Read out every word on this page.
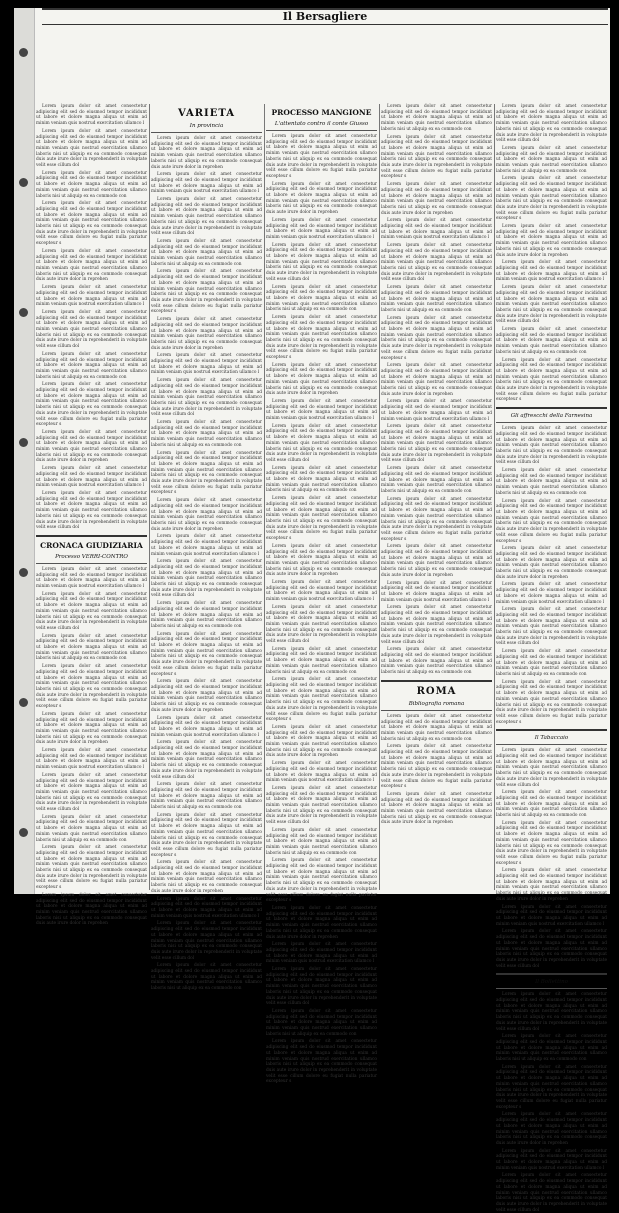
Il Bersagliere

Lorem ipsum dolor sit amet consectetur adipiscing elit sed do eiusmod tempor incididunt ut labore et dolore magna aliqua ut enim ad minim veniam quis nostrud exercitation ullamco l

Lorem ipsum dolor sit amet consectetur adipiscing elit sed do eiusmod tempor incididunt ut labore et dolore magna aliqua ut enim ad minim veniam quis nostrud exercitation ullamco laboris nisi ut aliquip ex ea commodo consequat duis aute irure dolor in reprehenderit in voluptate velit esse cillum dol

Lorem ipsum dolor sit amet consectetur adipiscing elit sed do eiusmod tempor incididunt ut labore et dolore magna aliqua ut enim ad minim veniam quis nostrud exercitation ullamco laboris nisi ut aliquip ex ea commodo con

Lorem ipsum dolor sit amet consectetur adipiscing elit sed do eiusmod tempor incididunt ut labore et dolore magna aliqua ut enim ad minim veniam quis nostrud exercitation ullamco laboris nisi ut aliquip ex ea commodo consequat duis aute irure dolor in reprehenderit in voluptate velit esse cillum dolore eu fugiat nulla pariatur excepteur s

Lorem ipsum dolor sit amet consectetur adipiscing elit sed do eiusmod tempor incididunt ut labore et dolore magna aliqua ut enim ad minim veniam quis nostrud exercitation ullamco laboris nisi ut aliquip ex ea commodo consequat duis aute irure dolor in reprehen

Lorem ipsum dolor sit amet consectetur adipiscing elit sed do eiusmod tempor incididunt ut labore et dolore magna aliqua ut enim ad minim veniam quis nostrud exercitation ullamco l

Lorem ipsum dolor sit amet consectetur adipiscing elit sed do eiusmod tempor incididunt ut labore et dolore magna aliqua ut enim ad minim veniam quis nostrud exercitation ullamco laboris nisi ut aliquip ex ea commodo consequat duis aute irure dolor in reprehenderit in voluptate velit esse cillum dol

Lorem ipsum dolor sit amet consectetur adipiscing elit sed do eiusmod tempor incididunt ut labore et dolore magna aliqua ut enim ad minim veniam quis nostrud exercitation ullamco laboris nisi ut aliquip ex ea commodo con

Lorem ipsum dolor sit amet consectetur adipiscing elit sed do eiusmod tempor incididunt ut labore et dolore magna aliqua ut enim ad minim veniam quis nostrud exercitation ullamco laboris nisi ut aliquip ex ea commodo consequat duis aute irure dolor in reprehenderit in voluptate velit esse cillum dolore eu fugiat nulla pariatur excepteur s

Lorem ipsum dolor sit amet consectetur adipiscing elit sed do eiusmod tempor incididunt ut labore et dolore magna aliqua ut enim ad minim veniam quis nostrud exercitation ullamco laboris nisi ut aliquip ex ea commodo consequat duis aute irure dolor in reprehen

Lorem ipsum dolor sit amet consectetur adipiscing elit sed do eiusmod tempor incididunt ut labore et dolore magna aliqua ut enim ad minim veniam quis nostrud exercitation ullamco l

Lorem ipsum dolor sit amet consectetur adipiscing elit sed do eiusmod tempor incididunt ut labore et dolore magna aliqua ut enim ad minim veniam quis nostrud exercitation ullamco laboris nisi ut aliquip ex ea commodo consequat duis aute irure dolor in reprehenderit in voluptate velit esse cillum dol

CRONACA GIUDIZIARIA
Processo VERRI-CONTRO

Lorem ipsum dolor sit amet consectetur adipiscing elit sed do eiusmod tempor incididunt ut labore et dolore magna aliqua ut enim ad minim veniam quis nostrud exercitation ullamco l

Lorem ipsum dolor sit amet consectetur adipiscing elit sed do eiusmod tempor incididunt ut labore et dolore magna aliqua ut enim ad minim veniam quis nostrud exercitation ullamco laboris nisi ut aliquip ex ea commodo consequat duis aute irure dolor in reprehenderit in voluptate velit esse cillum dol

Lorem ipsum dolor sit amet consectetur adipiscing elit sed do eiusmod tempor incididunt ut labore et dolore magna aliqua ut enim ad minim veniam quis nostrud exercitation ullamco laboris nisi ut aliquip ex ea commodo con

Lorem ipsum dolor sit amet consectetur adipiscing elit sed do eiusmod tempor incididunt ut labore et dolore magna aliqua ut enim ad minim veniam quis nostrud exercitation ullamco laboris nisi ut aliquip ex ea commodo consequat duis aute irure dolor in reprehenderit in voluptate velit esse cillum dolore eu fugiat nulla pariatur excepteur s

Lorem ipsum dolor sit amet consectetur adipiscing elit sed do eiusmod tempor incididunt ut labore et dolore magna aliqua ut enim ad minim veniam quis nostrud exercitation ullamco laboris nisi ut aliquip ex ea commodo consequat duis aute irure dolor in reprehen

Lorem ipsum dolor sit amet consectetur adipiscing elit sed do eiusmod tempor incididunt ut labore et dolore magna aliqua ut enim ad minim veniam quis nostrud exercitation ullamco l

Lorem ipsum dolor sit amet consectetur adipiscing elit sed do eiusmod tempor incididunt ut labore et dolore magna aliqua ut enim ad minim veniam quis nostrud exercitation ullamco laboris nisi ut aliquip ex ea commodo consequat duis aute irure dolor in reprehenderit in voluptate velit esse cillum dol

Lorem ipsum dolor sit amet consectetur adipiscing elit sed do eiusmod tempor incididunt ut labore et dolore magna aliqua ut enim ad minim veniam quis nostrud exercitation ullamco laboris nisi ut aliquip ex ea commodo con

Lorem ipsum dolor sit amet consectetur adipiscing elit sed do eiusmod tempor incididunt ut labore et dolore magna aliqua ut enim ad minim veniam quis nostrud exercitation ullamco laboris nisi ut aliquip ex ea commodo consequat duis aute irure dolor in reprehenderit in voluptate velit esse cillum dolore eu fugiat nulla pariatur excepteur s

Lorem ipsum dolor sit amet consectetur adipiscing elit sed do eiusmod tempor incididunt ut labore et dolore magna aliqua ut enim ad minim veniam quis nostrud exercitation ullamco laboris nisi ut aliquip ex ea commodo consequat duis aute irure dolor in reprehen

VARIETA
In provincia

Lorem ipsum dolor sit amet consectetur adipiscing elit sed do eiusmod tempor incididunt ut labore et dolore magna aliqua ut enim ad minim veniam quis nostrud exercitation ullamco laboris nisi ut aliquip ex ea commodo consequat duis aute irure dolor in reprehen

Lorem ipsum dolor sit amet consectetur adipiscing elit sed do eiusmod tempor incididunt ut labore et dolore magna aliqua ut enim ad minim veniam quis nostrud exercitation ullamco l

Lorem ipsum dolor sit amet consectetur adipiscing elit sed do eiusmod tempor incididunt ut labore et dolore magna aliqua ut enim ad minim veniam quis nostrud exercitation ullamco laboris nisi ut aliquip ex ea commodo consequat duis aute irure dolor in reprehenderit in voluptate velit esse cillum dol

Lorem ipsum dolor sit amet consectetur adipiscing elit sed do eiusmod tempor incididunt ut labore et dolore magna aliqua ut enim ad minim veniam quis nostrud exercitation ullamco laboris nisi ut aliquip ex ea commodo con

Lorem ipsum dolor sit amet consectetur adipiscing elit sed do eiusmod tempor incididunt ut labore et dolore magna aliqua ut enim ad minim veniam quis nostrud exercitation ullamco laboris nisi ut aliquip ex ea commodo consequat duis aute irure dolor in reprehenderit in voluptate velit esse cillum dolore eu fugiat nulla pariatur excepteur s

Lorem ipsum dolor sit amet consectetur adipiscing elit sed do eiusmod tempor incididunt ut labore et dolore magna aliqua ut enim ad minim veniam quis nostrud exercitation ullamco laboris nisi ut aliquip ex ea commodo consequat duis aute irure dolor in reprehen

Lorem ipsum dolor sit amet consectetur adipiscing elit sed do eiusmod tempor incididunt ut labore et dolore magna aliqua ut enim ad minim veniam quis nostrud exercitation ullamco l

Lorem ipsum dolor sit amet consectetur adipiscing elit sed do eiusmod tempor incididunt ut labore et dolore magna aliqua ut enim ad minim veniam quis nostrud exercitation ullamco laboris nisi ut aliquip ex ea commodo consequat duis aute irure dolor in reprehenderit in voluptate velit esse cillum dol

Lorem ipsum dolor sit amet consectetur adipiscing elit sed do eiusmod tempor incididunt ut labore et dolore magna aliqua ut enim ad minim veniam quis nostrud exercitation ullamco laboris nisi ut aliquip ex ea commodo con

Lorem ipsum dolor sit amet consectetur adipiscing elit sed do eiusmod tempor incididunt ut labore et dolore magna aliqua ut enim ad minim veniam quis nostrud exercitation ullamco laboris nisi ut aliquip ex ea commodo consequat duis aute irure dolor in reprehenderit in voluptate velit esse cillum dolore eu fugiat nulla pariatur excepteur s

Lorem ipsum dolor sit amet consectetur adipiscing elit sed do eiusmod tempor incididunt ut labore et dolore magna aliqua ut enim ad minim veniam quis nostrud exercitation ullamco laboris nisi ut aliquip ex ea commodo consequat duis aute irure dolor in reprehen

Lorem ipsum dolor sit amet consectetur adipiscing elit sed do eiusmod tempor incididunt ut labore et dolore magna aliqua ut enim ad minim veniam quis nostrud exercitation ullamco l

Lorem ipsum dolor sit amet consectetur adipiscing elit sed do eiusmod tempor incididunt ut labore et dolore magna aliqua ut enim ad minim veniam quis nostrud exercitation ullamco laboris nisi ut aliquip ex ea commodo consequat duis aute irure dolor in reprehenderit in voluptate velit esse cillum dol

Lorem ipsum dolor sit amet consectetur adipiscing elit sed do eiusmod tempor incididunt ut labore et dolore magna aliqua ut enim ad minim veniam quis nostrud exercitation ullamco laboris nisi ut aliquip ex ea commodo con

Lorem ipsum dolor sit amet consectetur adipiscing elit sed do eiusmod tempor incididunt ut labore et dolore magna aliqua ut enim ad minim veniam quis nostrud exercitation ullamco laboris nisi ut aliquip ex ea commodo consequat duis aute irure dolor in reprehenderit in voluptate velit esse cillum dolore eu fugiat nulla pariatur excepteur s

Lorem ipsum dolor sit amet consectetur adipiscing elit sed do eiusmod tempor incididunt ut labore et dolore magna aliqua ut enim ad minim veniam quis nostrud exercitation ullamco laboris nisi ut aliquip ex ea commodo consequat duis aute irure dolor in reprehen

Lorem ipsum dolor sit amet consectetur adipiscing elit sed do eiusmod tempor incididunt ut labore et dolore magna aliqua ut enim ad minim veniam quis nostrud exercitation ullamco l

Lorem ipsum dolor sit amet consectetur adipiscing elit sed do eiusmod tempor incididunt ut labore et dolore magna aliqua ut enim ad minim veniam quis nostrud exercitation ullamco laboris nisi ut aliquip ex ea commodo consequat duis aute irure dolor in reprehenderit in voluptate velit esse cillum dol

Lorem ipsum dolor sit amet consectetur adipiscing elit sed do eiusmod tempor incididunt ut labore et dolore magna aliqua ut enim ad minim veniam quis nostrud exercitation ullamco laboris nisi ut aliquip ex ea commodo con

Lorem ipsum dolor sit amet consectetur adipiscing elit sed do eiusmod tempor incididunt ut labore et dolore magna aliqua ut enim ad minim veniam quis nostrud exercitation ullamco laboris nisi ut aliquip ex ea commodo consequat duis aute irure dolor in reprehenderit in voluptate velit esse cillum dolore eu fugiat nulla pariatur excepteur s

Lorem ipsum dolor sit amet consectetur adipiscing elit sed do eiusmod tempor incididunt ut labore et dolore magna aliqua ut enim ad minim veniam quis nostrud exercitation ullamco laboris nisi ut aliquip ex ea commodo consequat duis aute irure dolor in reprehen

Lorem ipsum dolor sit amet consectetur adipiscing elit sed do eiusmod tempor incididunt ut labore et dolore magna aliqua ut enim ad minim veniam quis nostrud exercitation ullamco l

Lorem ipsum dolor sit amet consectetur adipiscing elit sed do eiusmod tempor incididunt ut labore et dolore magna aliqua ut enim ad minim veniam quis nostrud exercitation ullamco laboris nisi ut aliquip ex ea commodo consequat duis aute irure dolor in reprehenderit in voluptate velit esse cillum dol

Lorem ipsum dolor sit amet consectetur adipiscing elit sed do eiusmod tempor incididunt ut labore et dolore magna aliqua ut enim ad minim veniam quis nostrud exercitation ullamco laboris nisi ut aliquip ex ea commodo con

PROCESSO MANGIONE
L'attentato contro il conte Giusso

Lorem ipsum dolor sit amet consectetur adipiscing elit sed do eiusmod tempor incididunt ut labore et dolore magna aliqua ut enim ad minim veniam quis nostrud exercitation ullamco laboris nisi ut aliquip ex ea commodo consequat duis aute irure dolor in reprehenderit in voluptate velit esse cillum dolore eu fugiat nulla pariatur excepteur s

Lorem ipsum dolor sit amet consectetur adipiscing elit sed do eiusmod tempor incididunt ut labore et dolore magna aliqua ut enim ad minim veniam quis nostrud exercitation ullamco laboris nisi ut aliquip ex ea commodo consequat duis aute irure dolor in reprehen

Lorem ipsum dolor sit amet consectetur adipiscing elit sed do eiusmod tempor incididunt ut labore et dolore magna aliqua ut enim ad minim veniam quis nostrud exercitation ullamco l

Lorem ipsum dolor sit amet consectetur adipiscing elit sed do eiusmod tempor incididunt ut labore et dolore magna aliqua ut enim ad minim veniam quis nostrud exercitation ullamco laboris nisi ut aliquip ex ea commodo consequat duis aute irure dolor in reprehenderit in voluptate velit esse cillum dol

Lorem ipsum dolor sit amet consectetur adipiscing elit sed do eiusmod tempor incididunt ut labore et dolore magna aliqua ut enim ad minim veniam quis nostrud exercitation ullamco laboris nisi ut aliquip ex ea commodo con

Lorem ipsum dolor sit amet consectetur adipiscing elit sed do eiusmod tempor incididunt ut labore et dolore magna aliqua ut enim ad minim veniam quis nostrud exercitation ullamco laboris nisi ut aliquip ex ea commodo consequat duis aute irure dolor in reprehenderit in voluptate velit esse cillum dolore eu fugiat nulla pariatur excepteur s

Lorem ipsum dolor sit amet consectetur adipiscing elit sed do eiusmod tempor incididunt ut labore et dolore magna aliqua ut enim ad minim veniam quis nostrud exercitation ullamco laboris nisi ut aliquip ex ea commodo consequat duis aute irure dolor in reprehen

Lorem ipsum dolor sit amet consectetur adipiscing elit sed do eiusmod tempor incididunt ut labore et dolore magna aliqua ut enim ad minim veniam quis nostrud exercitation ullamco l

Lorem ipsum dolor sit amet consectetur adipiscing elit sed do eiusmod tempor incididunt ut labore et dolore magna aliqua ut enim ad minim veniam quis nostrud exercitation ullamco laboris nisi ut aliquip ex ea commodo consequat duis aute irure dolor in reprehenderit in voluptate velit esse cillum dol

Lorem ipsum dolor sit amet consectetur adipiscing elit sed do eiusmod tempor incididunt ut labore et dolore magna aliqua ut enim ad minim veniam quis nostrud exercitation ullamco laboris nisi ut aliquip ex ea commodo con

Lorem ipsum dolor sit amet consectetur adipiscing elit sed do eiusmod tempor incididunt ut labore et dolore magna aliqua ut enim ad minim veniam quis nostrud exercitation ullamco laboris nisi ut aliquip ex ea commodo consequat duis aute irure dolor in reprehenderit in voluptate velit esse cillum dolore eu fugiat nulla pariatur excepteur s

Lorem ipsum dolor sit amet consectetur adipiscing elit sed do eiusmod tempor incididunt ut labore et dolore magna aliqua ut enim ad minim veniam quis nostrud exercitation ullamco laboris nisi ut aliquip ex ea commodo consequat duis aute irure dolor in reprehen

Lorem ipsum dolor sit amet consectetur adipiscing elit sed do eiusmod tempor incididunt ut labore et dolore magna aliqua ut enim ad minim veniam quis nostrud exercitation ullamco l

Lorem ipsum dolor sit amet consectetur adipiscing elit sed do eiusmod tempor incididunt ut labore et dolore magna aliqua ut enim ad minim veniam quis nostrud exercitation ullamco laboris nisi ut aliquip ex ea commodo consequat duis aute irure dolor in reprehenderit in voluptate velit esse cillum dol

Lorem ipsum dolor sit amet consectetur adipiscing elit sed do eiusmod tempor incididunt ut labore et dolore magna aliqua ut enim ad minim veniam quis nostrud exercitation ullamco laboris nisi ut aliquip ex ea commodo con

Lorem ipsum dolor sit amet consectetur adipiscing elit sed do eiusmod tempor incididunt ut labore et dolore magna aliqua ut enim ad minim veniam quis nostrud exercitation ullamco laboris nisi ut aliquip ex ea commodo consequat duis aute irure dolor in reprehenderit in voluptate velit esse cillum dolore eu fugiat nulla pariatur excepteur s

Lorem ipsum dolor sit amet consectetur adipiscing elit sed do eiusmod tempor incididunt ut labore et dolore magna aliqua ut enim ad minim veniam quis nostrud exercitation ullamco laboris nisi ut aliquip ex ea commodo consequat duis aute irure dolor in reprehen

Lorem ipsum dolor sit amet consectetur adipiscing elit sed do eiusmod tempor incididunt ut labore et dolore magna aliqua ut enim ad minim veniam quis nostrud exercitation ullamco l

Lorem ipsum dolor sit amet consectetur adipiscing elit sed do eiusmod tempor incididunt ut labore et dolore magna aliqua ut enim ad minim veniam quis nostrud exercitation ullamco laboris nisi ut aliquip ex ea commodo consequat duis aute irure dolor in reprehenderit in voluptate velit esse cillum dol

Lorem ipsum dolor sit amet consectetur adipiscing elit sed do eiusmod tempor incididunt ut labore et dolore magna aliqua ut enim ad minim veniam quis nostrud exercitation ullamco laboris nisi ut aliquip ex ea commodo con

Lorem ipsum dolor sit amet consectetur adipiscing elit sed do eiusmod tempor incididunt ut labore et dolore magna aliqua ut enim ad minim veniam quis nostrud exercitation ullamco laboris nisi ut aliquip ex ea commodo consequat duis aute irure dolor in reprehenderit in voluptate velit esse cillum dolore eu fugiat nulla pariatur excepteur s

Lorem ipsum dolor sit amet consectetur adipiscing elit sed do eiusmod tempor incididunt ut labore et dolore magna aliqua ut enim ad minim veniam quis nostrud exercitation ullamco laboris nisi ut aliquip ex ea commodo consequat duis aute irure dolor in reprehen

Lorem ipsum dolor sit amet consectetur adipiscing elit sed do eiusmod tempor incididunt ut labore et dolore magna aliqua ut enim ad minim veniam quis nostrud exercitation ullamco l

Lorem ipsum dolor sit amet consectetur adipiscing elit sed do eiusmod tempor incididunt ut labore et dolore magna aliqua ut enim ad minim veniam quis nostrud exercitation ullamco laboris nisi ut aliquip ex ea commodo consequat duis aute irure dolor in reprehenderit in voluptate velit esse cillum dol

Lorem ipsum dolor sit amet consectetur adipiscing elit sed do eiusmod tempor incididunt ut labore et dolore magna aliqua ut enim ad minim veniam quis nostrud exercitation ullamco laboris nisi ut aliquip ex ea commodo con

Lorem ipsum dolor sit amet consectetur adipiscing elit sed do eiusmod tempor incididunt ut labore et dolore magna aliqua ut enim ad minim veniam quis nostrud exercitation ullamco laboris nisi ut aliquip ex ea commodo consequat duis aute irure dolor in reprehenderit in voluptate velit esse cillum dolore eu fugiat nulla pariatur excepteur s

Lorem ipsum dolor sit amet consectetur adipiscing elit sed do eiusmod tempor incididunt ut labore et dolore magna aliqua ut enim ad minim veniam quis nostrud exercitation ullamco laboris nisi ut aliquip ex ea commodo con

Lorem ipsum dolor sit amet consectetur adipiscing elit sed do eiusmod tempor incididunt ut labore et dolore magna aliqua ut enim ad minim veniam quis nostrud exercitation ullamco laboris nisi ut aliquip ex ea commodo consequat duis aute irure dolor in reprehenderit in voluptate velit esse cillum dolore eu fugiat nulla pariatur excepteur s

Lorem ipsum dolor sit amet consectetur adipiscing elit sed do eiusmod tempor incididunt ut labore et dolore magna aliqua ut enim ad minim veniam quis nostrud exercitation ullamco laboris nisi ut aliquip ex ea commodo consequat duis aute irure dolor in reprehen

Lorem ipsum dolor sit amet consectetur adipiscing elit sed do eiusmod tempor incididunt ut labore et dolore magna aliqua ut enim ad minim veniam quis nostrud exercitation ullamco l

Lorem ipsum dolor sit amet consectetur adipiscing elit sed do eiusmod tempor incididunt ut labore et dolore magna aliqua ut enim ad minim veniam quis nostrud exercitation ullamco laboris nisi ut aliquip ex ea commodo consequat duis aute irure dolor in reprehenderit in voluptate velit esse cillum dol

Lorem ipsum dolor sit amet consectetur adipiscing elit sed do eiusmod tempor incididunt ut labore et dolore magna aliqua ut enim ad minim veniam quis nostrud exercitation ullamco laboris nisi ut aliquip ex ea commodo con

Lorem ipsum dolor sit amet consectetur adipiscing elit sed do eiusmod tempor incididunt ut labore et dolore magna aliqua ut enim ad minim veniam quis nostrud exercitation ullamco laboris nisi ut aliquip ex ea commodo consequat duis aute irure dolor in reprehenderit in voluptate velit esse cillum dolore eu fugiat nulla pariatur excepteur s

Lorem ipsum dolor sit amet consectetur adipiscing elit sed do eiusmod tempor incididunt ut labore et dolore magna aliqua ut enim ad minim veniam quis nostrud exercitation ullamco laboris nisi ut aliquip ex ea commodo consequat duis aute irure dolor in reprehen

Lorem ipsum dolor sit amet consectetur adipiscing elit sed do eiusmod tempor incididunt ut labore et dolore magna aliqua ut enim ad minim veniam quis nostrud exercitation ullamco l

Lorem ipsum dolor sit amet consectetur adipiscing elit sed do eiusmod tempor incididunt ut labore et dolore magna aliqua ut enim ad minim veniam quis nostrud exercitation ullamco laboris nisi ut aliquip ex ea commodo consequat duis aute irure dolor in reprehenderit in voluptate velit esse cillum dol

Lorem ipsum dolor sit amet consectetur adipiscing elit sed do eiusmod tempor incididunt ut labore et dolore magna aliqua ut enim ad minim veniam quis nostrud exercitation ullamco laboris nisi ut aliquip ex ea commodo con

Lorem ipsum dolor sit amet consectetur adipiscing elit sed do eiusmod tempor incididunt ut labore et dolore magna aliqua ut enim ad minim veniam quis nostrud exercitation ullamco laboris nisi ut aliquip ex ea commodo consequat duis aute irure dolor in reprehenderit in voluptate velit esse cillum dolore eu fugiat nulla pariatur excepteur s

Lorem ipsum dolor sit amet consectetur adipiscing elit sed do eiusmod tempor incididunt ut labore et dolore magna aliqua ut enim ad minim veniam quis nostrud exercitation ullamco laboris nisi ut aliquip ex ea commodo consequat duis aute irure dolor in reprehen

Lorem ipsum dolor sit amet consectetur adipiscing elit sed do eiusmod tempor incididunt ut labore et dolore magna aliqua ut enim ad minim veniam quis nostrud exercitation ullamco l

Lorem ipsum dolor sit amet consectetur adipiscing elit sed do eiusmod tempor incididunt ut labore et dolore magna aliqua ut enim ad minim veniam quis nostrud exercitation ullamco laboris nisi ut aliquip ex ea commodo consequat duis aute irure dolor in reprehenderit in voluptate velit esse cillum dol

Lorem ipsum dolor sit amet consectetur adipiscing elit sed do eiusmod tempor incididunt ut labore et dolore magna aliqua ut enim ad minim veniam quis nostrud exercitation ullamco laboris nisi ut aliquip ex ea commodo con

ROMA
Bibliografia romana

Lorem ipsum dolor sit amet consectetur adipiscing elit sed do eiusmod tempor incididunt ut labore et dolore magna aliqua ut enim ad minim veniam quis nostrud exercitation ullamco laboris nisi ut aliquip ex ea commodo con

Lorem ipsum dolor sit amet consectetur adipiscing elit sed do eiusmod tempor incididunt ut labore et dolore magna aliqua ut enim ad minim veniam quis nostrud exercitation ullamco laboris nisi ut aliquip ex ea commodo consequat duis aute irure dolor in reprehenderit in voluptate velit esse cillum dolore eu fugiat nulla pariatur excepteur s

Lorem ipsum dolor sit amet consectetur adipiscing elit sed do eiusmod tempor incididunt ut labore et dolore magna aliqua ut enim ad minim veniam quis nostrud exercitation ullamco laboris nisi ut aliquip ex ea commodo consequat duis aute irure dolor in reprehen

Lorem ipsum dolor sit amet consectetur adipiscing elit sed do eiusmod tempor incididunt ut labore et dolore magna aliqua ut enim ad minim veniam quis nostrud exercitation ullamco laboris nisi ut aliquip ex ea commodo consequat duis aute irure dolor in reprehenderit in voluptate velit esse cillum dol

Lorem ipsum dolor sit amet consectetur adipiscing elit sed do eiusmod tempor incididunt ut labore et dolore magna aliqua ut enim ad minim veniam quis nostrud exercitation ullamco laboris nisi ut aliquip ex ea commodo con

Lorem ipsum dolor sit amet consectetur adipiscing elit sed do eiusmod tempor incididunt ut labore et dolore magna aliqua ut enim ad minim veniam quis nostrud exercitation ullamco laboris nisi ut aliquip ex ea commodo consequat duis aute irure dolor in reprehenderit in voluptate velit esse cillum dolore eu fugiat nulla pariatur excepteur s

Lorem ipsum dolor sit amet consectetur adipiscing elit sed do eiusmod tempor incididunt ut labore et dolore magna aliqua ut enim ad minim veniam quis nostrud exercitation ullamco laboris nisi ut aliquip ex ea commodo consequat duis aute irure dolor in reprehen

Lorem ipsum dolor sit amet consectetur adipiscing elit sed do eiusmod tempor incididunt ut labore et dolore magna aliqua ut enim ad minim veniam quis nostrud exercitation ullamco l

Lorem ipsum dolor sit amet consectetur adipiscing elit sed do eiusmod tempor incididunt ut labore et dolore magna aliqua ut enim ad minim veniam quis nostrud exercitation ullamco laboris nisi ut aliquip ex ea commodo consequat duis aute irure dolor in reprehenderit in voluptate velit esse cillum dol

Lorem ipsum dolor sit amet consectetur adipiscing elit sed do eiusmod tempor incididunt ut labore et dolore magna aliqua ut enim ad minim veniam quis nostrud exercitation ullamco laboris nisi ut aliquip ex ea commodo con

Lorem ipsum dolor sit amet consectetur adipiscing elit sed do eiusmod tempor incididunt ut labore et dolore magna aliqua ut enim ad minim veniam quis nostrud exercitation ullamco laboris nisi ut aliquip ex ea commodo consequat duis aute irure dolor in reprehenderit in voluptate velit esse cillum dolore eu fugiat nulla pariatur excepteur s

Gli affrescchi della Farnesina

Lorem ipsum dolor sit amet consectetur adipiscing elit sed do eiusmod tempor incididunt ut labore et dolore magna aliqua ut enim ad minim veniam quis nostrud exercitation ullamco laboris nisi ut aliquip ex ea commodo consequat duis aute irure dolor in reprehenderit in voluptate velit esse cillum dol

Lorem ipsum dolor sit amet consectetur adipiscing elit sed do eiusmod tempor incididunt ut labore et dolore magna aliqua ut enim ad minim veniam quis nostrud exercitation ullamco laboris nisi ut aliquip ex ea commodo con

Lorem ipsum dolor sit amet consectetur adipiscing elit sed do eiusmod tempor incididunt ut labore et dolore magna aliqua ut enim ad minim veniam quis nostrud exercitation ullamco laboris nisi ut aliquip ex ea commodo consequat duis aute irure dolor in reprehenderit in voluptate velit esse cillum dolore eu fugiat nulla pariatur excepteur s

Lorem ipsum dolor sit amet consectetur adipiscing elit sed do eiusmod tempor incididunt ut labore et dolore magna aliqua ut enim ad minim veniam quis nostrud exercitation ullamco laboris nisi ut aliquip ex ea commodo consequat duis aute irure dolor in reprehen

Lorem ipsum dolor sit amet consectetur adipiscing elit sed do eiusmod tempor incididunt ut labore et dolore magna aliqua ut enim ad minim veniam quis nostrud exercitation ullamco l

Lorem ipsum dolor sit amet consectetur adipiscing elit sed do eiusmod tempor incididunt ut labore et dolore magna aliqua ut enim ad minim veniam quis nostrud exercitation ullamco laboris nisi ut aliquip ex ea commodo consequat duis aute irure dolor in reprehenderit in voluptate velit esse cillum dol

Lorem ipsum dolor sit amet consectetur adipiscing elit sed do eiusmod tempor incididunt ut labore et dolore magna aliqua ut enim ad minim veniam quis nostrud exercitation ullamco laboris nisi ut aliquip ex ea commodo con

Lorem ipsum dolor sit amet consectetur adipiscing elit sed do eiusmod tempor incididunt ut labore et dolore magna aliqua ut enim ad minim veniam quis nostrud exercitation ullamco laboris nisi ut aliquip ex ea commodo consequat duis aute irure dolor in reprehenderit in voluptate velit esse cillum dolore eu fugiat nulla pariatur excepteur s

Il Tabaccaio

Lorem ipsum dolor sit amet consectetur adipiscing elit sed do eiusmod tempor incididunt ut labore et dolore magna aliqua ut enim ad minim veniam quis nostrud exercitation ullamco laboris nisi ut aliquip ex ea commodo consequat duis aute irure dolor in reprehenderit in voluptate velit esse cillum dol

Lorem ipsum dolor sit amet consectetur adipiscing elit sed do eiusmod tempor incididunt ut labore et dolore magna aliqua ut enim ad minim veniam quis nostrud exercitation ullamco laboris nisi ut aliquip ex ea commodo con

Lorem ipsum dolor sit amet consectetur adipiscing elit sed do eiusmod tempor incididunt ut labore et dolore magna aliqua ut enim ad minim veniam quis nostrud exercitation ullamco laboris nisi ut aliquip ex ea commodo consequat duis aute irure dolor in reprehenderit in voluptate velit esse cillum dolore eu fugiat nulla pariatur excepteur s

Lorem ipsum dolor sit amet consectetur adipiscing elit sed do eiusmod tempor incididunt ut labore et dolore magna aliqua ut enim ad minim veniam quis nostrud exercitation ullamco laboris nisi ut aliquip ex ea commodo consequat duis aute irure dolor in reprehen

Lorem ipsum dolor sit amet consectetur adipiscing elit sed do eiusmod tempor incididunt ut labore et dolore magna aliqua ut enim ad minim veniam quis nostrud exercitation ullamco l

Lorem ipsum dolor sit amet consectetur adipiscing elit sed do eiusmod tempor incididunt ut labore et dolore magna aliqua ut enim ad minim veniam quis nostrud exercitation ullamco laboris nisi ut aliquip ex ea commodo consequat duis aute irure dolor in reprehenderit in voluptate velit esse cillum dol

Il Bollettino

Lorem ipsum dolor sit amet consectetur adipiscing elit sed do eiusmod tempor incididunt ut labore et dolore magna aliqua ut enim ad minim veniam quis nostrud exercitation ullamco laboris nisi ut aliquip ex ea commodo consequat duis aute irure dolor in reprehenderit in voluptate velit esse cillum dol

Lorem ipsum dolor sit amet consectetur adipiscing elit sed do eiusmod tempor incididunt ut labore et dolore magna aliqua ut enim ad minim veniam quis nostrud exercitation ullamco laboris nisi ut aliquip ex ea commodo con

Lorem ipsum dolor sit amet consectetur adipiscing elit sed do eiusmod tempor incididunt ut labore et dolore magna aliqua ut enim ad minim veniam quis nostrud exercitation ullamco laboris nisi ut aliquip ex ea commodo consequat duis aute irure dolor in reprehenderit in voluptate velit esse cillum dolore eu fugiat nulla pariatur excepteur s

Lorem ipsum dolor sit amet consectetur adipiscing elit sed do eiusmod tempor incididunt ut labore et dolore magna aliqua ut enim ad minim veniam quis nostrud exercitation ullamco laboris nisi ut aliquip ex ea commodo consequat duis aute irure dolor in reprehen

Lorem ipsum dolor sit amet consectetur adipiscing elit sed do eiusmod tempor incididunt ut labore et dolore magna aliqua ut enim ad minim veniam quis nostrud exercitation ullamco l

Lorem ipsum dolor sit amet consectetur adipiscing elit sed do eiusmod tempor incididunt ut labore et dolore magna aliqua ut enim ad minim veniam quis nostrud exercitation ullamco laboris nisi ut aliquip ex ea commodo consequat duis aute irure dolor in reprehenderit in voluptate velit esse cillum dol
